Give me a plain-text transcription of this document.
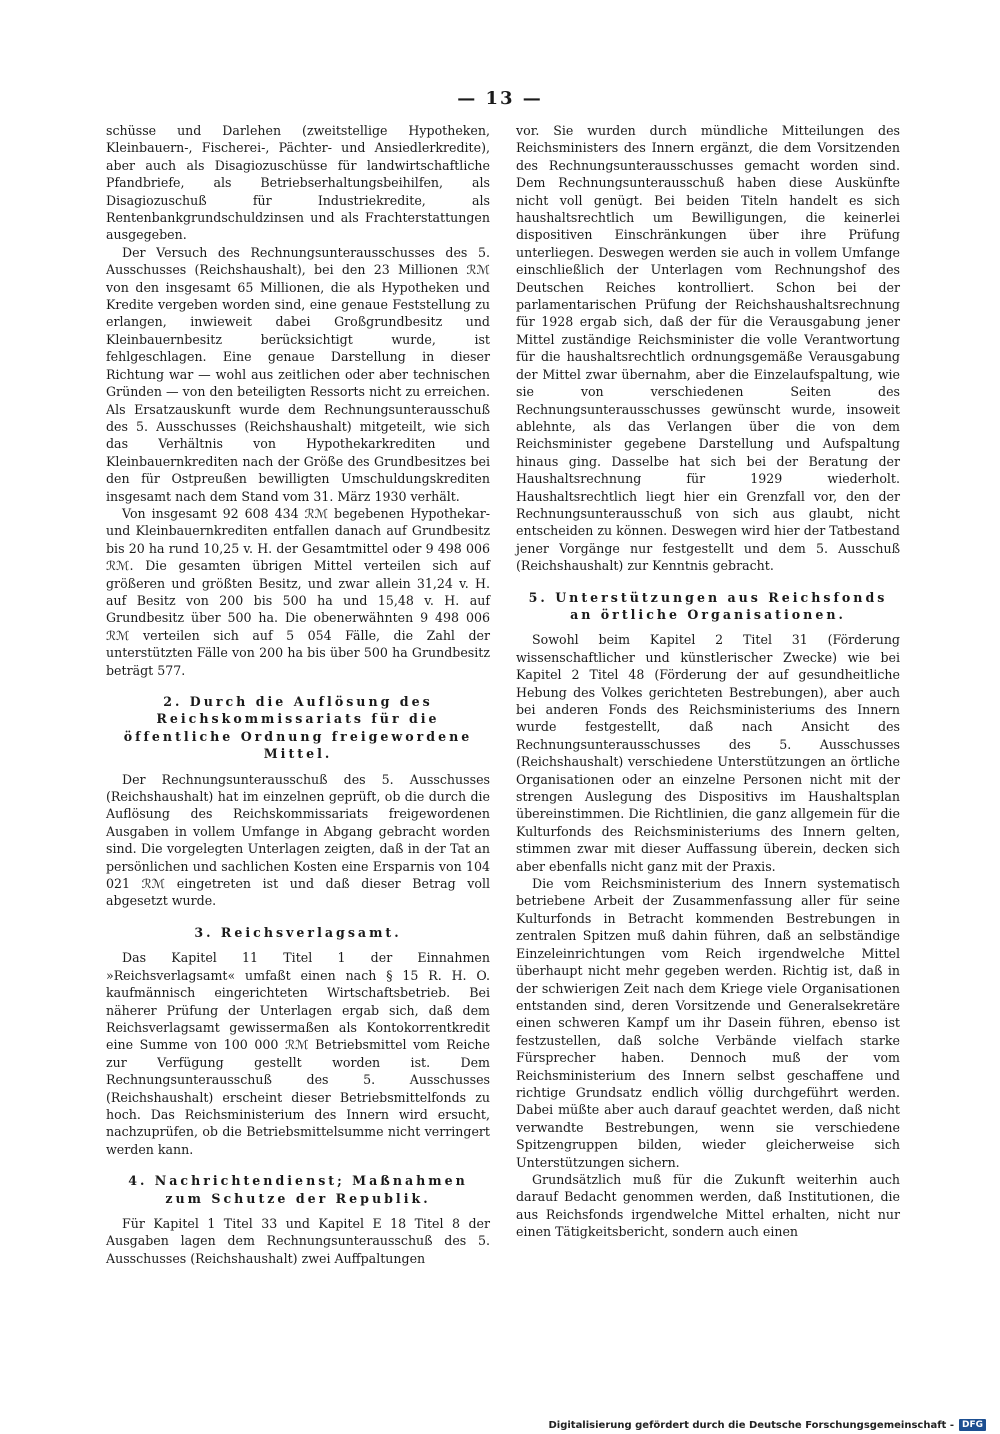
— 13 —

schüsse und Darlehen (zweitstellige Hypotheken, Kleinbauern-, Fischerei-, Pächter- und Ansiedlerkredite), aber auch als Disagiozuschüsse für landwirtschaftliche Pfandbriefe, als Betriebserhaltungsbeihilfen, als Disagiozuschuß für Industriekredite, als Rentenbankgrundschuldzinsen und als Frachterstattungen ausgegeben.

Der Versuch des Rechnungsunterausschusses des 5. Ausschusses (Reichshaushalt), bei den 23 Millionen ℛℳ von den insgesamt 65 Millionen, die als Hypotheken und Kredite vergeben worden sind, eine genaue Feststellung zu erlangen, inwieweit dabei Großgrundbesitz und Kleinbauernbesitz berücksichtigt wurde, ist fehlgeschlagen. Eine genaue Darstellung in dieser Richtung war — wohl aus zeitlichen oder aber technischen Gründen — von den beteiligten Ressorts nicht zu erreichen. Als Ersatzauskunft wurde dem Rechnungsunterausschuß des 5. Ausschusses (Reichshaushalt) mitgeteilt, wie sich das Verhältnis von Hypothekarkrediten und Kleinbauernkrediten nach der Größe des Grundbesitzes bei den für Ostpreußen bewilligten Umschuldungskrediten insgesamt nach dem Stand vom 31. März 1930 verhält.

Von insgesamt 92 608 434 ℛℳ begebenen Hypothekar- und Kleinbauernkrediten entfallen danach auf Grundbesitz bis 20 ha rund 10,25 v. H. der Gesamtmittel oder 9 498 006 ℛℳ. Die gesamten übrigen Mittel verteilen sich auf größeren und größten Besitz, und zwar allein 31,24 v. H. auf Besitz von 200 bis 500 ha und 15,48 v. H. auf Grundbesitz über 500 ha. Die obenerwähnten 9 498 006 ℛℳ verteilen sich auf 5 054 Fälle, die Zahl der unterstützten Fälle von 200 ha bis über 500 ha Grundbesitz beträgt 577.

2. Durch die Auflösung des Reichskommissariats für die öffentliche Ordnung freigewordene Mittel.

Der Rechnungsunterausschuß des 5. Ausschusses (Reichshaushalt) hat im einzelnen geprüft, ob die durch die Auflösung des Reichskommissariats freigewordenen Ausgaben in vollem Umfange in Abgang gebracht worden sind. Die vorgelegten Unterlagen zeigten, daß in der Tat an persönlichen und sachlichen Kosten eine Ersparnis von 104 021 ℛℳ eingetreten ist und daß dieser Betrag voll abgesetzt wurde.

3. Reichsverlagsamt.

Das Kapitel 11 Titel 1 der Einnahmen »Reichsverlagsamt« umfaßt einen nach § 15 R. H. O. kaufmännisch eingerichteten Wirtschaftsbetrieb. Bei näherer Prüfung der Unterlagen ergab sich, daß dem Reichsverlagsamt gewissermaßen als Kontokorrentkredit eine Summe von 100 000 ℛℳ Betriebsmittel vom Reiche zur Verfügung gestellt worden ist. Dem Rechnungsunterausschuß des 5. Ausschusses (Reichshaushalt) erscheint dieser Betriebsmittelfonds zu hoch. Das Reichsministerium des Innern wird ersucht, nachzuprüfen, ob die Betriebsmittelsumme nicht verringert werden kann.

4. Nachrichtendienst; Maßnahmen zum Schutze der Republik.

Für Kapitel 1 Titel 33 und Kapitel E 18 Titel 8 der Ausgaben lagen dem Rechnungsunterausschuß des 5. Ausschusses (Reichshaushalt) zwei Auffpaltungen

vor. Sie wurden durch mündliche Mitteilungen des Reichsministers des Innern ergänzt, die dem Vorsitzenden des Rechnungsunterausschusses gemacht worden sind. Dem Rechnungsunterausschuß haben diese Auskünfte nicht voll genügt. Bei beiden Titeln handelt es sich haushaltsrechtlich um Bewilligungen, die keinerlei dispositiven Einschränkungen über ihre Prüfung unterliegen. Deswegen werden sie auch in vollem Umfange einschließlich der Unterlagen vom Rechnungshof des Deutschen Reiches kontrolliert. Schon bei der parlamentarischen Prüfung der Reichshaushaltsrechnung für 1928 ergab sich, daß der für die Verausgabung jener Mittel zuständige Reichsminister die volle Verantwortung für die haushaltsrechtlich ordnungsgemäße Verausgabung der Mittel zwar übernahm, aber die Einzelaufspaltung, wie sie von verschiedenen Seiten des Rechnungsunterausschusses gewünscht wurde, insoweit ablehnte, als das Verlangen über die von dem Reichsminister gegebene Darstellung und Aufspaltung hinaus ging. Dasselbe hat sich bei der Beratung der Haushaltsrechnung für 1929 wiederholt. Haushaltsrechtlich liegt hier ein Grenzfall vor, den der Rechnungsunterausschuß von sich aus glaubt, nicht entscheiden zu können. Deswegen wird hier der Tatbestand jener Vorgänge nur festgestellt und dem 5. Ausschuß (Reichshaushalt) zur Kenntnis gebracht.

5. Unterstützungen aus Reichsfonds an örtliche Organisationen.

Sowohl beim Kapitel 2 Titel 31 (Förderung wissenschaftlicher und künstlerischer Zwecke) wie bei Kapitel 2 Titel 48 (Förderung der auf gesundheitliche Hebung des Volkes gerichteten Bestrebungen), aber auch bei anderen Fonds des Reichsministeriums des Innern wurde festgestellt, daß nach Ansicht des Rechnungsunterausschusses des 5. Ausschusses (Reichshaushalt) verschiedene Unterstützungen an örtliche Organisationen oder an einzelne Personen nicht mit der strengen Auslegung des Dispositivs im Haushaltsplan übereinstimmen. Die Richtlinien, die ganz allgemein für die Kulturfonds des Reichsministeriums des Innern gelten, stimmen zwar mit dieser Auffassung überein, decken sich aber ebenfalls nicht ganz mit der Praxis.

Die vom Reichsministerium des Innern systematisch betriebene Arbeit der Zusammenfassung aller für seine Kulturfonds in Betracht kommenden Bestrebungen in zentralen Spitzen muß dahin führen, daß an selbständige Einzeleinrichtungen vom Reich irgendwelche Mittel überhaupt nicht mehr gegeben werden. Richtig ist, daß in der schwierigen Zeit nach dem Kriege viele Organisationen entstanden sind, deren Vorsitzende und Generalsekretäre einen schweren Kampf um ihr Dasein führen, ebenso ist festzustellen, daß solche Verbände vielfach starke Fürsprecher haben. Dennoch muß der vom Reichsministerium des Innern selbst geschaffene und richtige Grundsatz endlich völlig durchgeführt werden. Dabei müßte aber auch darauf geachtet werden, daß nicht verwandte Bestrebungen, wenn sie verschiedene Spitzengruppen bilden, wieder gleicherweise sich Unterstützungen sichern.

Grundsätzlich muß für die Zukunft weiterhin auch darauf Bedacht genommen werden, daß Institutionen, die aus Reichsfonds irgendwelche Mittel erhalten, nicht nur einen Tätigkeitsbericht, sondern auch einen

Digitalisierung gefördert durch die Deutsche Forschungsgemeinschaft - DFG
